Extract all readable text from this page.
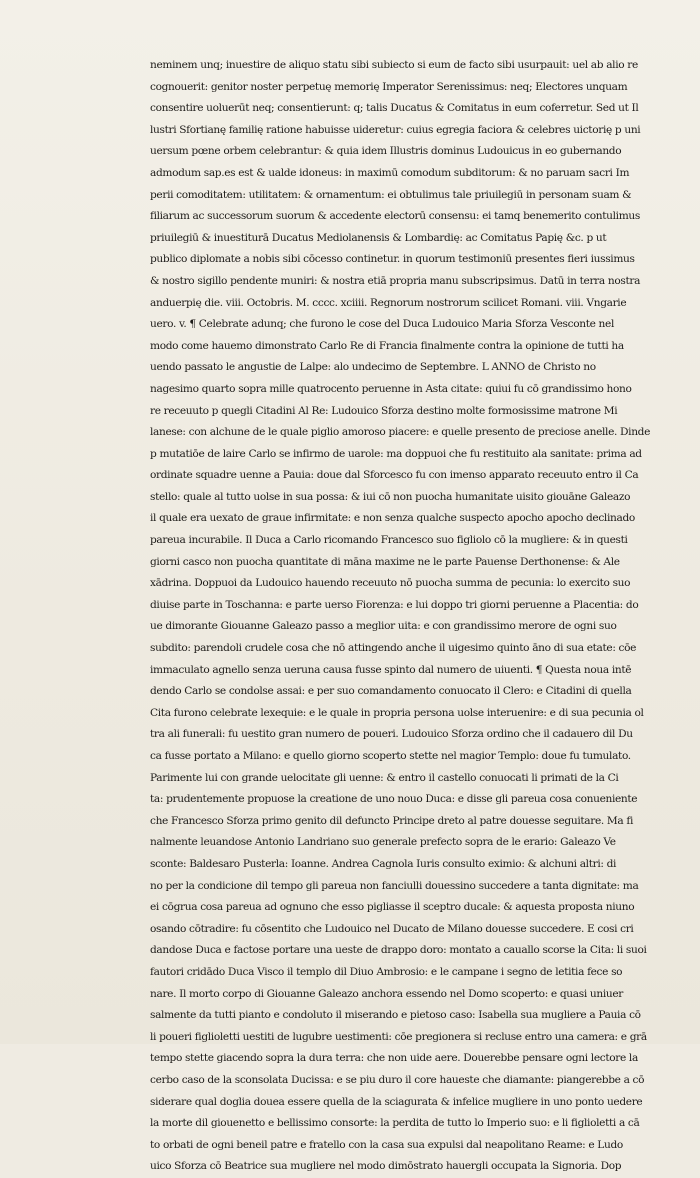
neminem unq; inuestire de aliquo statu sibi subiecto si eum de facto sibi usurpauit: uel ab alio re
cognouerit: genitor noster perpetuę memorię Imperator Serenissimus: neq; Electores unquam
consentire uoluerūt neq; consentierunt: q; talis Ducatus & Comitatus in eum coferretur. Sed ut Il
lustri Sfortianę familię ratione habuisse uideretur: cuius egregia faciora & celebres uictorię p uni
uersum pœne orbem celebrantur: & quia idem Illustris dominus Ludouicus in eo gubernando
admodum sap.es est & ualde idoneus: in maximū comodum subditorum: & no paruam sacri Im
perii comoditatem: utilitatem: & ornamentum: ei obtulimus tale priuilegiū in personam suam &
filiarum ac successorum suorum & accedente electorū consensu: ei tamq benemerito contulimus
priuilegiū & inuestiturā Ducatus Mediolanensis & Lombardię: ac Comitatus Papię &c. p ut
publico diplomate a nobis sibi cōcesso continetur. in quorum testimoniū presentes fieri iussimus
& nostro sigillo pendente muniri: & nostra etiā propria manu subscripsimus. Datū in terra nostra
anduerpię die. viii. Octobris. M. cccc. xciiii. Regnorum nostrorum scilicet Romani. viii. Vngarie
uero. v. ¶ Celebrate adunq; che furono le cose del Duca Ludouico Maria Sforza Vesconte nel
modo come hauemo dimonstrato Carlo Re di Francia finalmente contra la opinione de tutti ha
uendo passato le angustie de Lalpe: alo undecimo de Septembre. L ANNO de Christo no
nagesimo quarto sopra mille quatrocento peruenne in Asta citate: quiui fu cō grandissimo hono
re receuuto p quegli Citadini Al Re: Ludouico Sforza destino molte formosissime matrone Mi
lanese: con alchune de le quale piglio amoroso piacere: e quelle presento de preciose anelle. Dinde
p mutatiōe de laire Carlo se infirmo de uarole: ma doppuoi che fu restituito ala sanitate: prima ad
ordinate squadre uenne a Pauia: doue dal Sforcesco fu con imenso apparato receuuto entro il Ca
stello: quale al tutto uolse in sua possa: & iui cō non puocha humanitate uisito giouāne Galeazo
il quale era uexato de graue infirmitate: e non senza qualche suspecto apocho apocho declinado
pareua incurabile. Il Duca a Carlo ricomando Francesco suo figliolo cō la mugliere: & in questi
giorni casco non puocha quantitate di māna maxime ne le parte Pauense Derthonense: & Ale
xādrina. Doppuoi da Ludouico hauendo receuuto nō puocha summa de pecunia: lo exercito suo
diuise parte in Toschanna: e parte uerso Fiorenza: e lui doppo tri giorni peruenne a Placentia: do
ue dimorante Giouanne Galeazo passo a meglior uita: e con grandissimo merore de ogni suo
subdito: parendoli crudele cosa che nō attingendo anche il uigesimo quinto āno di sua etate: cōe
immaculato agnello senza ueruna causa fusse spinto dal numero de uiuenti. ¶ Questa noua intē
dendo Carlo se condolse assai: e per suo comandamento conuocato il Clero: e Citadini di quella
Cita furono celebrate lexequie: e le quale in propria persona uolse interuenire: e di sua pecunia ol
tra ali funerali: fu uestito gran numero de poueri. Ludouico Sforza ordino che il cadauero dil Du
ca fusse portato a Milano: e quello giorno scoperto stette nel magior Templo: doue fu tumulato.
Parimente lui con grande uelocitate gli uenne: & entro il castello conuocati li primati de la Ci
ta: prudentemente propuose la creatione de uno nouo Duca: e disse gli pareua cosa conueniente
che Francesco Sforza primo genito dil defuncto Principe dreto al patre douesse seguitare. Ma fi
nalmente leuandose Antonio Landriano suo generale prefecto sopra de le erario: Galeazo Ve
sconte: Baldesaro Pusterla: Ioanne. Andrea Cagnola Iuris consulto eximio: & alchuni altri: di
no per la condicione dil tempo gli pareua non fanciulli douessino succedere a tanta dignitate: ma
ei cōgrua cosa pareua ad ognuno che esso pigliasse il sceptro ducale: & aquesta proposta niuno
osando cōtradire: fu cōsentito che Ludouico nel Ducato de Milano douesse succedere. E cosi cri
dandose Duca e factose portare una ueste de drappo doro: montato a cauallo scorse la Cita: li suoi
fautori cridādo Duca Visco il templo dil Diuo Ambrosio: e le campane i segno de letitia fece so
nare. Il morto corpo di Giouanne Galeazo anchora essendo nel Domo scoperto: e quasi uniuer
salmente da tutti pianto e condoluto il miserando e pietoso caso: Isabella sua mugliere a Pauia cō
li poueri figlioletti uestiti de lugubre uestimenti: cōe pregionera si recluse entro una camera: e grā
tempo stette giacendo sopra la dura terra: che non uide aere. Douerebbe pensare ogni lectore la
cerbo caso de la sconsolata Ducissa: e se piu duro il core haueste che diamante: piangerebbe a cō
siderare qual doglia douea essere quella de la sciagurata & infelice mugliere in uno ponto uedere
la morte dil giouenetto e bellissimo consorte: la perdita de tutto lo Imperio suo: e li figlioletti a cā
to orbati de ogni beneil patre e fratello con la casa sua expulsi dal neapolitano Reame: e Ludo
uico Sforza cō Beatrice sua mugliere nel modo dimōstrato hauergli occupata la Signoria. Dop
